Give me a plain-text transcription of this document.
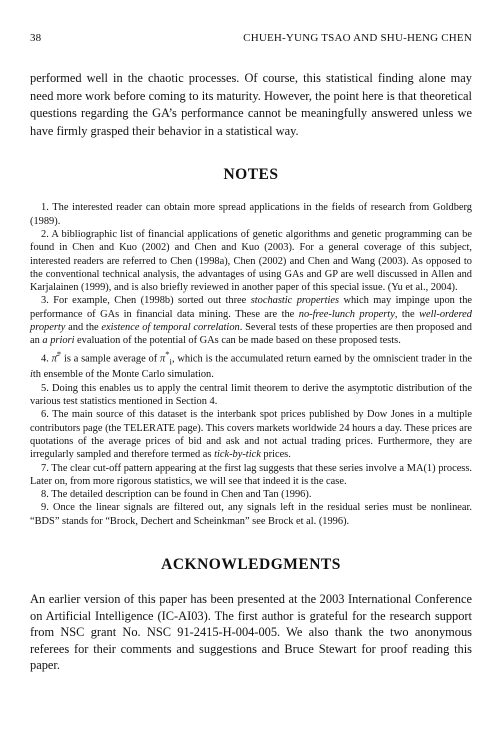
38	CHUEH-YUNG TSAO AND SHU-HENG CHEN

performed well in the chaotic processes. Of course, this statistical finding alone may need more work before coming to its maturity. However, the point here is that theoretical questions regarding the GA’s performance cannot be meaningfully answered unless we have firmly grasped their behavior in a statistical way.

NOTES

1. The interested reader can obtain more spread applications in the fields of research from Goldberg (1989).

2. A bibliographic list of financial applications of genetic algorithms and genetic programming can be found in Chen and Kuo (2002) and Chen and Kuo (2003). For a general coverage of this subject, interested readers are referred to Chen (1998a), Chen (2002) and Chen and Wang (2003). As opposed to the conventional technical analysis, the advantages of using GAs and GP are well discussed in Allen and Karjalainen (1999), and is also briefly reviewed in another paper of this special issue. (Yu et al., 2004).

3. For example, Chen (1998b) sorted out three stochastic properties which may impinge upon the performance of GAs in financial data mining. These are the no-free-lunch property, the well-ordered property and the existence of temporal correlation. Several tests of these properties are then proposed and an a priori evaluation of the potential of GAs can be made based on these proposed tests.

4. π̄* is a sample average of $\pi^*_i$, which is the accumulated return earned by the omniscient trader in the ith ensemble of the Monte Carlo simulation.

5. Doing this enables us to apply the central limit theorem to derive the asymptotic distribution of the various test statistics mentioned in Section 4.

6. The main source of this dataset is the interbank spot prices published by Dow Jones in a multiple contributors page (the TELERATE page). This covers markets worldwide 24 hours a day. These prices are quotations of the average prices of bid and ask and not actual trading prices. Furthermore, they are irregularly sampled and therefore termed as tick-by-tick prices.

7. The clear cut-off pattern appearing at the first lag suggests that these series involve a MA(1) process. Later on, from more rigorous statistics, we will see that indeed it is the case.

8. The detailed description can be found in Chen and Tan (1996).

9. Once the linear signals are filtered out, any signals left in the residual series must be nonlinear. “BDS” stands for “Brock, Dechert and Scheinkman” see Brock et al. (1996).

ACKNOWLEDGMENTS

An earlier version of this paper has been presented at the 2003 International Conference on Artificial Intelligence (IC-AI03). The first author is grateful for the research support from NSC grant No. NSC 91-2415-H-004-005. We also thank the two anonymous referees for their comments and suggestions and Bruce Stewart for proof reading this paper.
